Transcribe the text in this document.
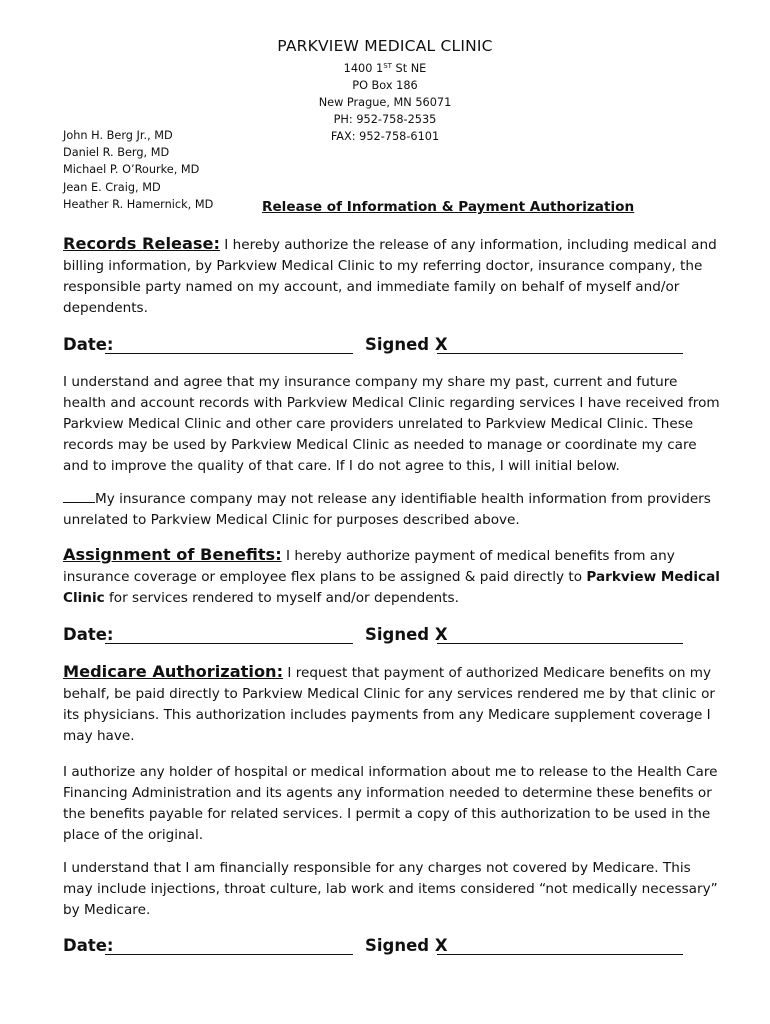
PARKVIEW MEDICAL CLINIC
1400 1ST St NE
PO Box 186
New Prague, MN 56071
PH: 952-758-2535
FAX: 952-758-6101
John H. Berg Jr., MD
Daniel R. Berg, MD
Michael P. O’Rourke, MD
Jean E. Craig, MD
Heather R. Hamernick, MD	Release of Information & Payment Authorization
Records Release: I hereby authorize the release of any information, including medical and billing information, by Parkview Medical Clinic to my referring doctor, insurance company, the responsible party named on my account, and immediate family on behalf of myself and/or dependents.
Date:	Signed X
I understand and agree that my insurance company my share my past, current and future health and account records with Parkview Medical Clinic regarding services I have received from Parkview Medical Clinic and other care providers unrelated to Parkview Medical Clinic. These records may be used by Parkview Medical Clinic as needed to manage or coordinate my care and to improve the quality of that care. If I do not agree to this, I will initial below.
My insurance company may not release any identifiable health information from providers unrelated to Parkview Medical Clinic for purposes described above.
Assignment of Benefits: I hereby authorize payment of medical benefits from any insurance coverage or employee flex plans to be assigned & paid directly to Parkview Medical Clinic for services rendered to myself and/or dependents.
Date:	Signed X
Medicare Authorization: I request that payment of authorized Medicare benefits on my behalf, be paid directly to Parkview Medical Clinic for any services rendered me by that clinic or its physicians. This authorization includes payments from any Medicare supplement coverage I may have.
I authorize any holder of hospital or medical information about me to release to the Health Care Financing Administration and its agents any information needed to determine these benefits or the benefits payable for related services. I permit a copy of this authorization to be used in the place of the original.
I understand that I am financially responsible for any charges not covered by Medicare. This may include injections, throat culture, lab work and items considered “not medically necessary” by Medicare.
Date:	Signed X
